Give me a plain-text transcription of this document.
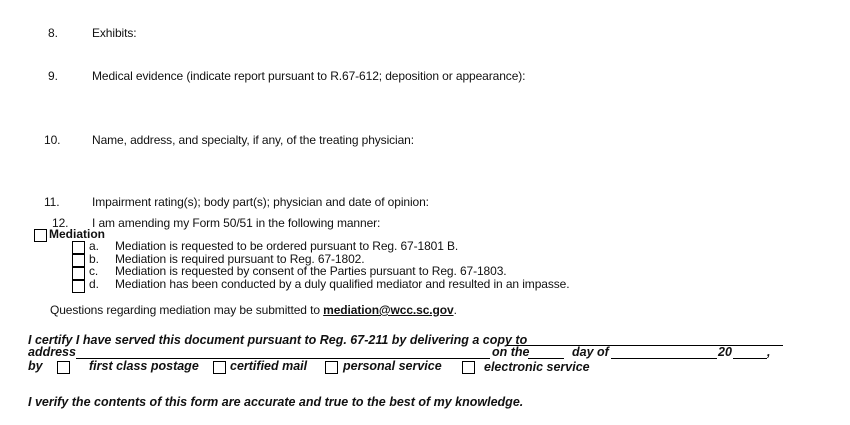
8.	Exhibits:
9.	Medical evidence (indicate report pursuant to R.67-612; deposition or appearance):
10.	Name, address, and specialty, if any, of the treating physician:
11.	Impairment rating(s); body part(s); physician and date of opinion:
12. I am amending my Form 50/51 in the following manner:
Mediation
a. Mediation is requested to be ordered pursuant to Reg. 67-1801 B.
b. Mediation is required pursuant to Reg. 67-1802.
c. Mediation is requested by consent of the Parties pursuant to Reg. 67-1803.
d. Mediation has been conducted by a duly qualified mediator and resulted in an impasse.
Questions regarding mediation may be submitted to mediation@wcc.sc.gov.
I certify I have served this document pursuant to Reg. 67-211 by delivering a copy to
address	on the	day of	20	,
by	first class postage certified mail	personal service	electronic service
I verify the contents of this form are accurate and true to the best of my knowledge.
